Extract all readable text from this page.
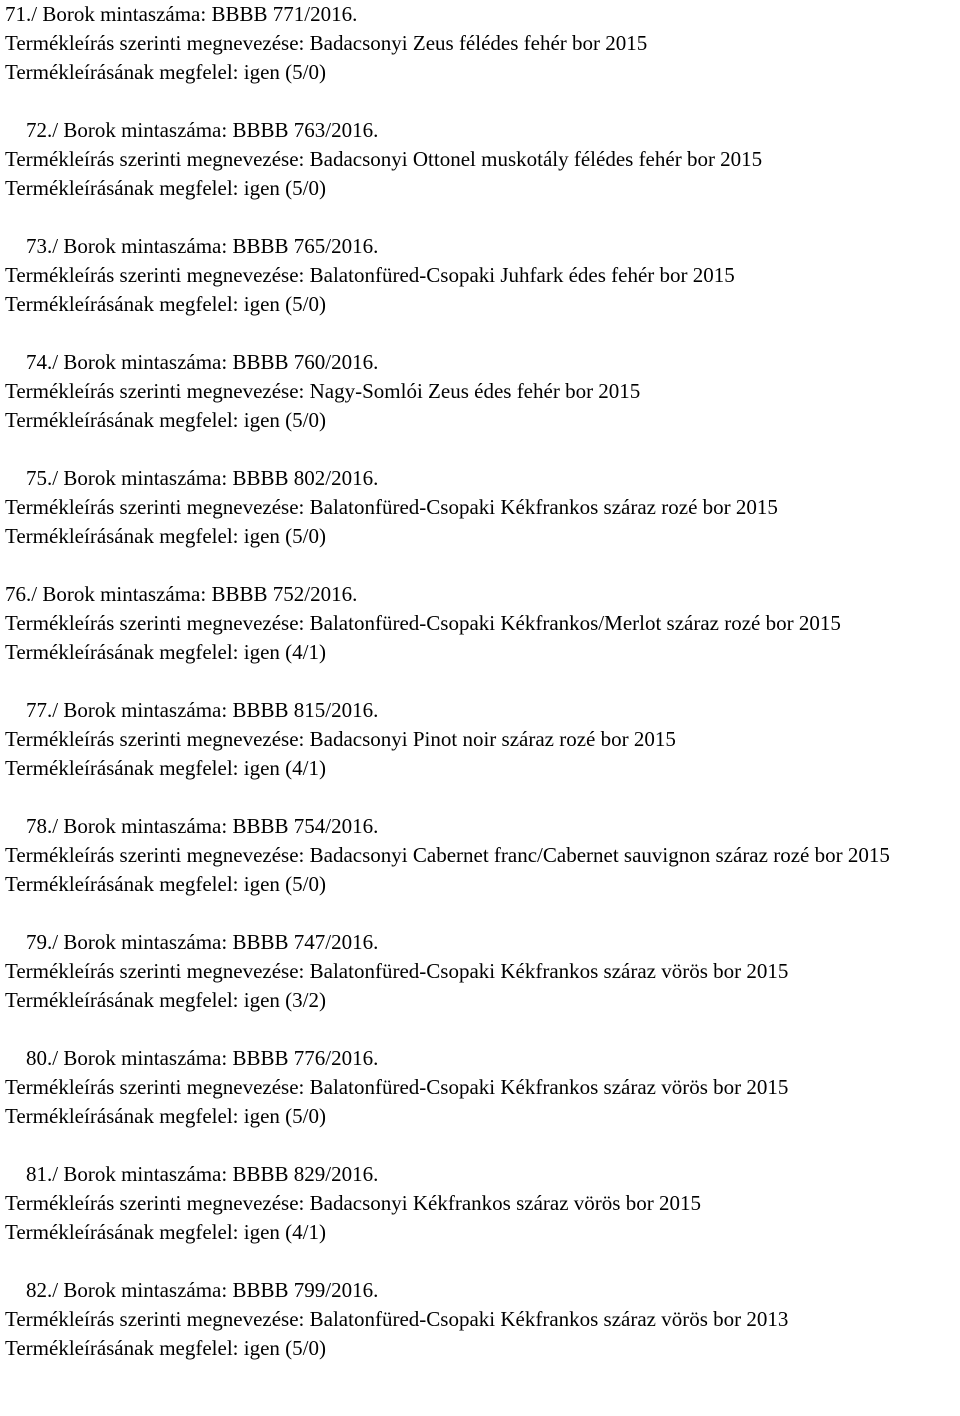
71./ Borok mintaszáma: BBBB 771/2016.
Termékleírás szerinti megnevezése: Badacsonyi Zeus félédes fehér bor 2015
Termékleírásának megfelel: igen (5/0)
72./ Borok mintaszáma: BBBB 763/2016.
Termékleírás szerinti megnevezése: Badacsonyi Ottonel muskotály félédes fehér bor 2015
Termékleírásának megfelel: igen (5/0)
73./ Borok mintaszáma: BBBB 765/2016.
Termékleírás szerinti megnevezése: Balatonfüred-Csopaki Juhfark édes fehér bor 2015
Termékleírásának megfelel: igen (5/0)
74./ Borok mintaszáma: BBBB 760/2016.
Termékleírás szerinti megnevezése: Nagy-Somlói Zeus édes fehér bor 2015
Termékleírásának megfelel: igen (5/0)
75./ Borok mintaszáma: BBBB 802/2016.
Termékleírás szerinti megnevezése: Balatonfüred-Csopaki Kékfrankos száraz rozé bor 2015
Termékleírásának megfelel: igen (5/0)
76./ Borok mintaszáma: BBBB 752/2016.
Termékleírás szerinti megnevezése: Balatonfüred-Csopaki Kékfrankos/Merlot száraz rozé bor 2015
Termékleírásának megfelel: igen (4/1)
77./ Borok mintaszáma: BBBB 815/2016.
Termékleírás szerinti megnevezése: Badacsonyi Pinot noir száraz rozé bor 2015
Termékleírásának megfelel: igen (4/1)
78./ Borok mintaszáma: BBBB 754/2016.
Termékleírás szerinti megnevezése: Badacsonyi Cabernet franc/Cabernet sauvignon száraz rozé bor 2015
Termékleírásának megfelel: igen (5/0)
79./ Borok mintaszáma: BBBB 747/2016.
Termékleírás szerinti megnevezése: Balatonfüred-Csopaki Kékfrankos száraz vörös bor 2015
Termékleírásának megfelel: igen (3/2)
80./ Borok mintaszáma: BBBB 776/2016.
Termékleírás szerinti megnevezése: Balatonfüred-Csopaki Kékfrankos száraz vörös bor 2015
Termékleírásának megfelel: igen (5/0)
81./ Borok mintaszáma: BBBB 829/2016.
Termékleírás szerinti megnevezése: Badacsonyi Kékfrankos száraz vörös bor 2015
Termékleírásának megfelel: igen (4/1)
82./ Borok mintaszáma: BBBB 799/2016.
Termékleírás szerinti megnevezése: Balatonfüred-Csopaki Kékfrankos száraz vörös bor 2013
Termékleírásának megfelel: igen (5/0)
